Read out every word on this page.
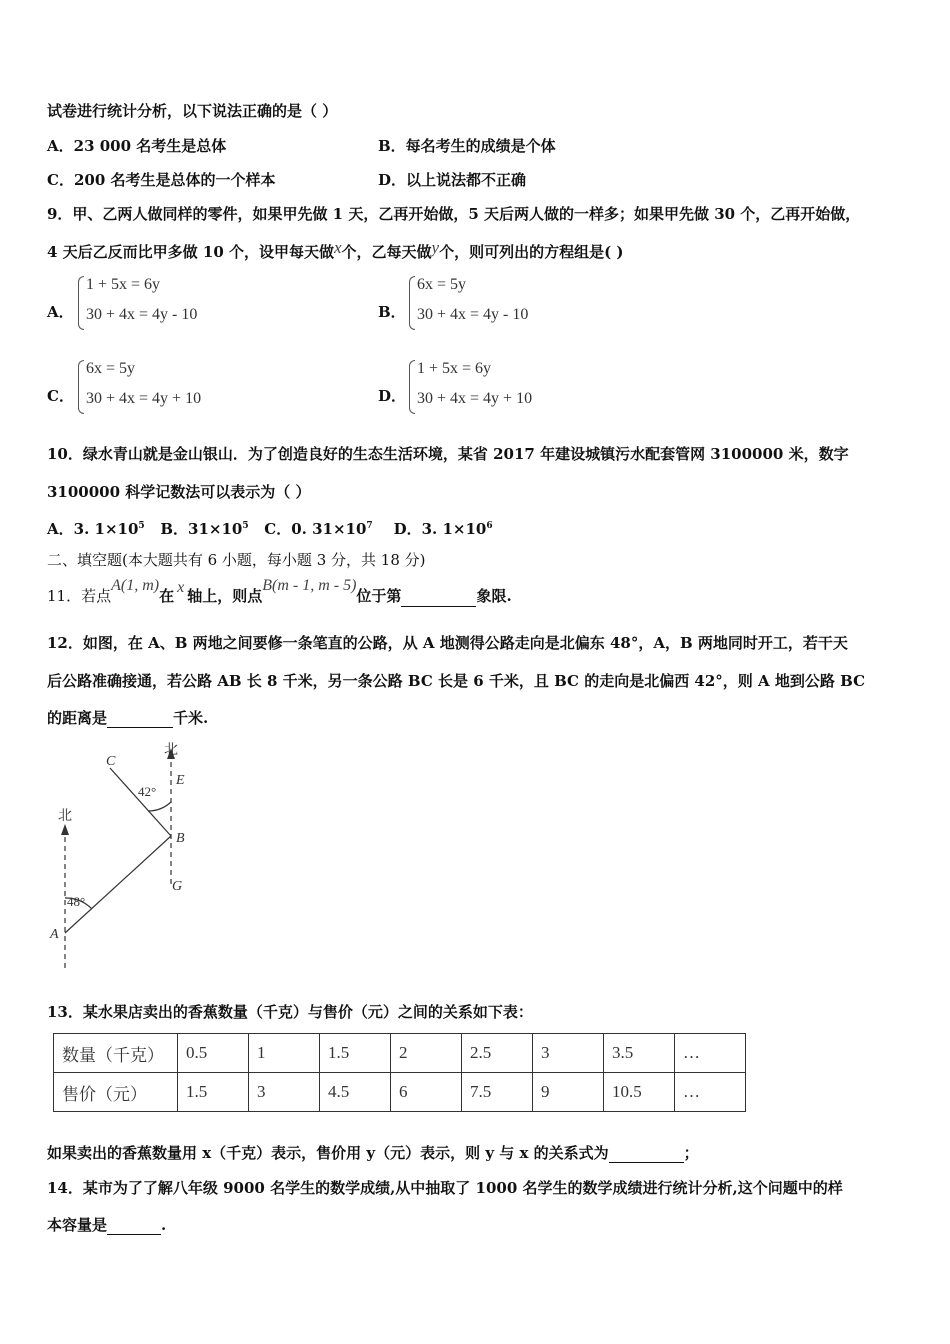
试卷进行统计分析，以下说法正确的是（ ）
A．23 000 名考生是总体	B．每名考生的成绩是个体
C．200 名考生是总体的一个样本	D．以上说法都不正确
9．甲、乙两人做同样的零件，如果甲先做 1 天，乙再开始做，5 天后两人做的一样多；如果甲先做 30 个，乙再开始做，
4 天后乙反而比甲多做 10 个，设甲每天做x个，乙每天做y个，则可列出的方程组是( )
A．
1 + 5x = 6y
30 + 4x = 4y - 10	B．
6x = 5y
30 + 4x = 4y - 10
C．
6x = 5y
30 + 4x = 4y + 10	D．
1 + 5x = 6y
30 + 4x = 4y + 10
10．绿水青山就是金山银山．为了创造良好的生态生活环境，某省 2017 年建设城镇污水配套管网 3100000 米，数字
3100000 科学记数法可以表示为（ ）
A．3. $1\times 10^5$ B．$31\times 10^5$ C．0. $31\times 10^7$ D．3. $1\times 10^6$
二、填空题(本大题共有 6 小题，每小题 3 分，共 18 分)
11．若点A(1, m)在 x 轴上，则点B(m - 1, m - 5)位于第	象限.
12．如图，在 A、B 两地之间要修一条笔直的公路，从 A 地测得公路走向是北偏东 48°，A，B 两地同时开工，若干天
后公路准确接通，若公路 AB 长 8 千米，另一条公路 BC 长是 6 千米，且 BC 的走向是北偏西 42°，则 A 地到公路 BC
的距离是	千米.
北
北
C
E
B
G
A
42°
48°
13．某水果店卖出的香蕉数量（千克）与售价（元）之间的关系如下表：
数量（千克）	0.5	1	1.5	2	2.5	3	3.5	…
售价（元）	1.5	3	4.5	6	7.5	9	10.5	…
如果卖出的香蕉数量用 x（千克）表示，售价用 y（元）表示，则 y 与 x 的关系式为	；
14．某市为了了解八年级 9000 名学生的数学成绩,从中抽取了 1000 名学生的数学成绩进行统计分析,这个问题中的样
本容量是	.
